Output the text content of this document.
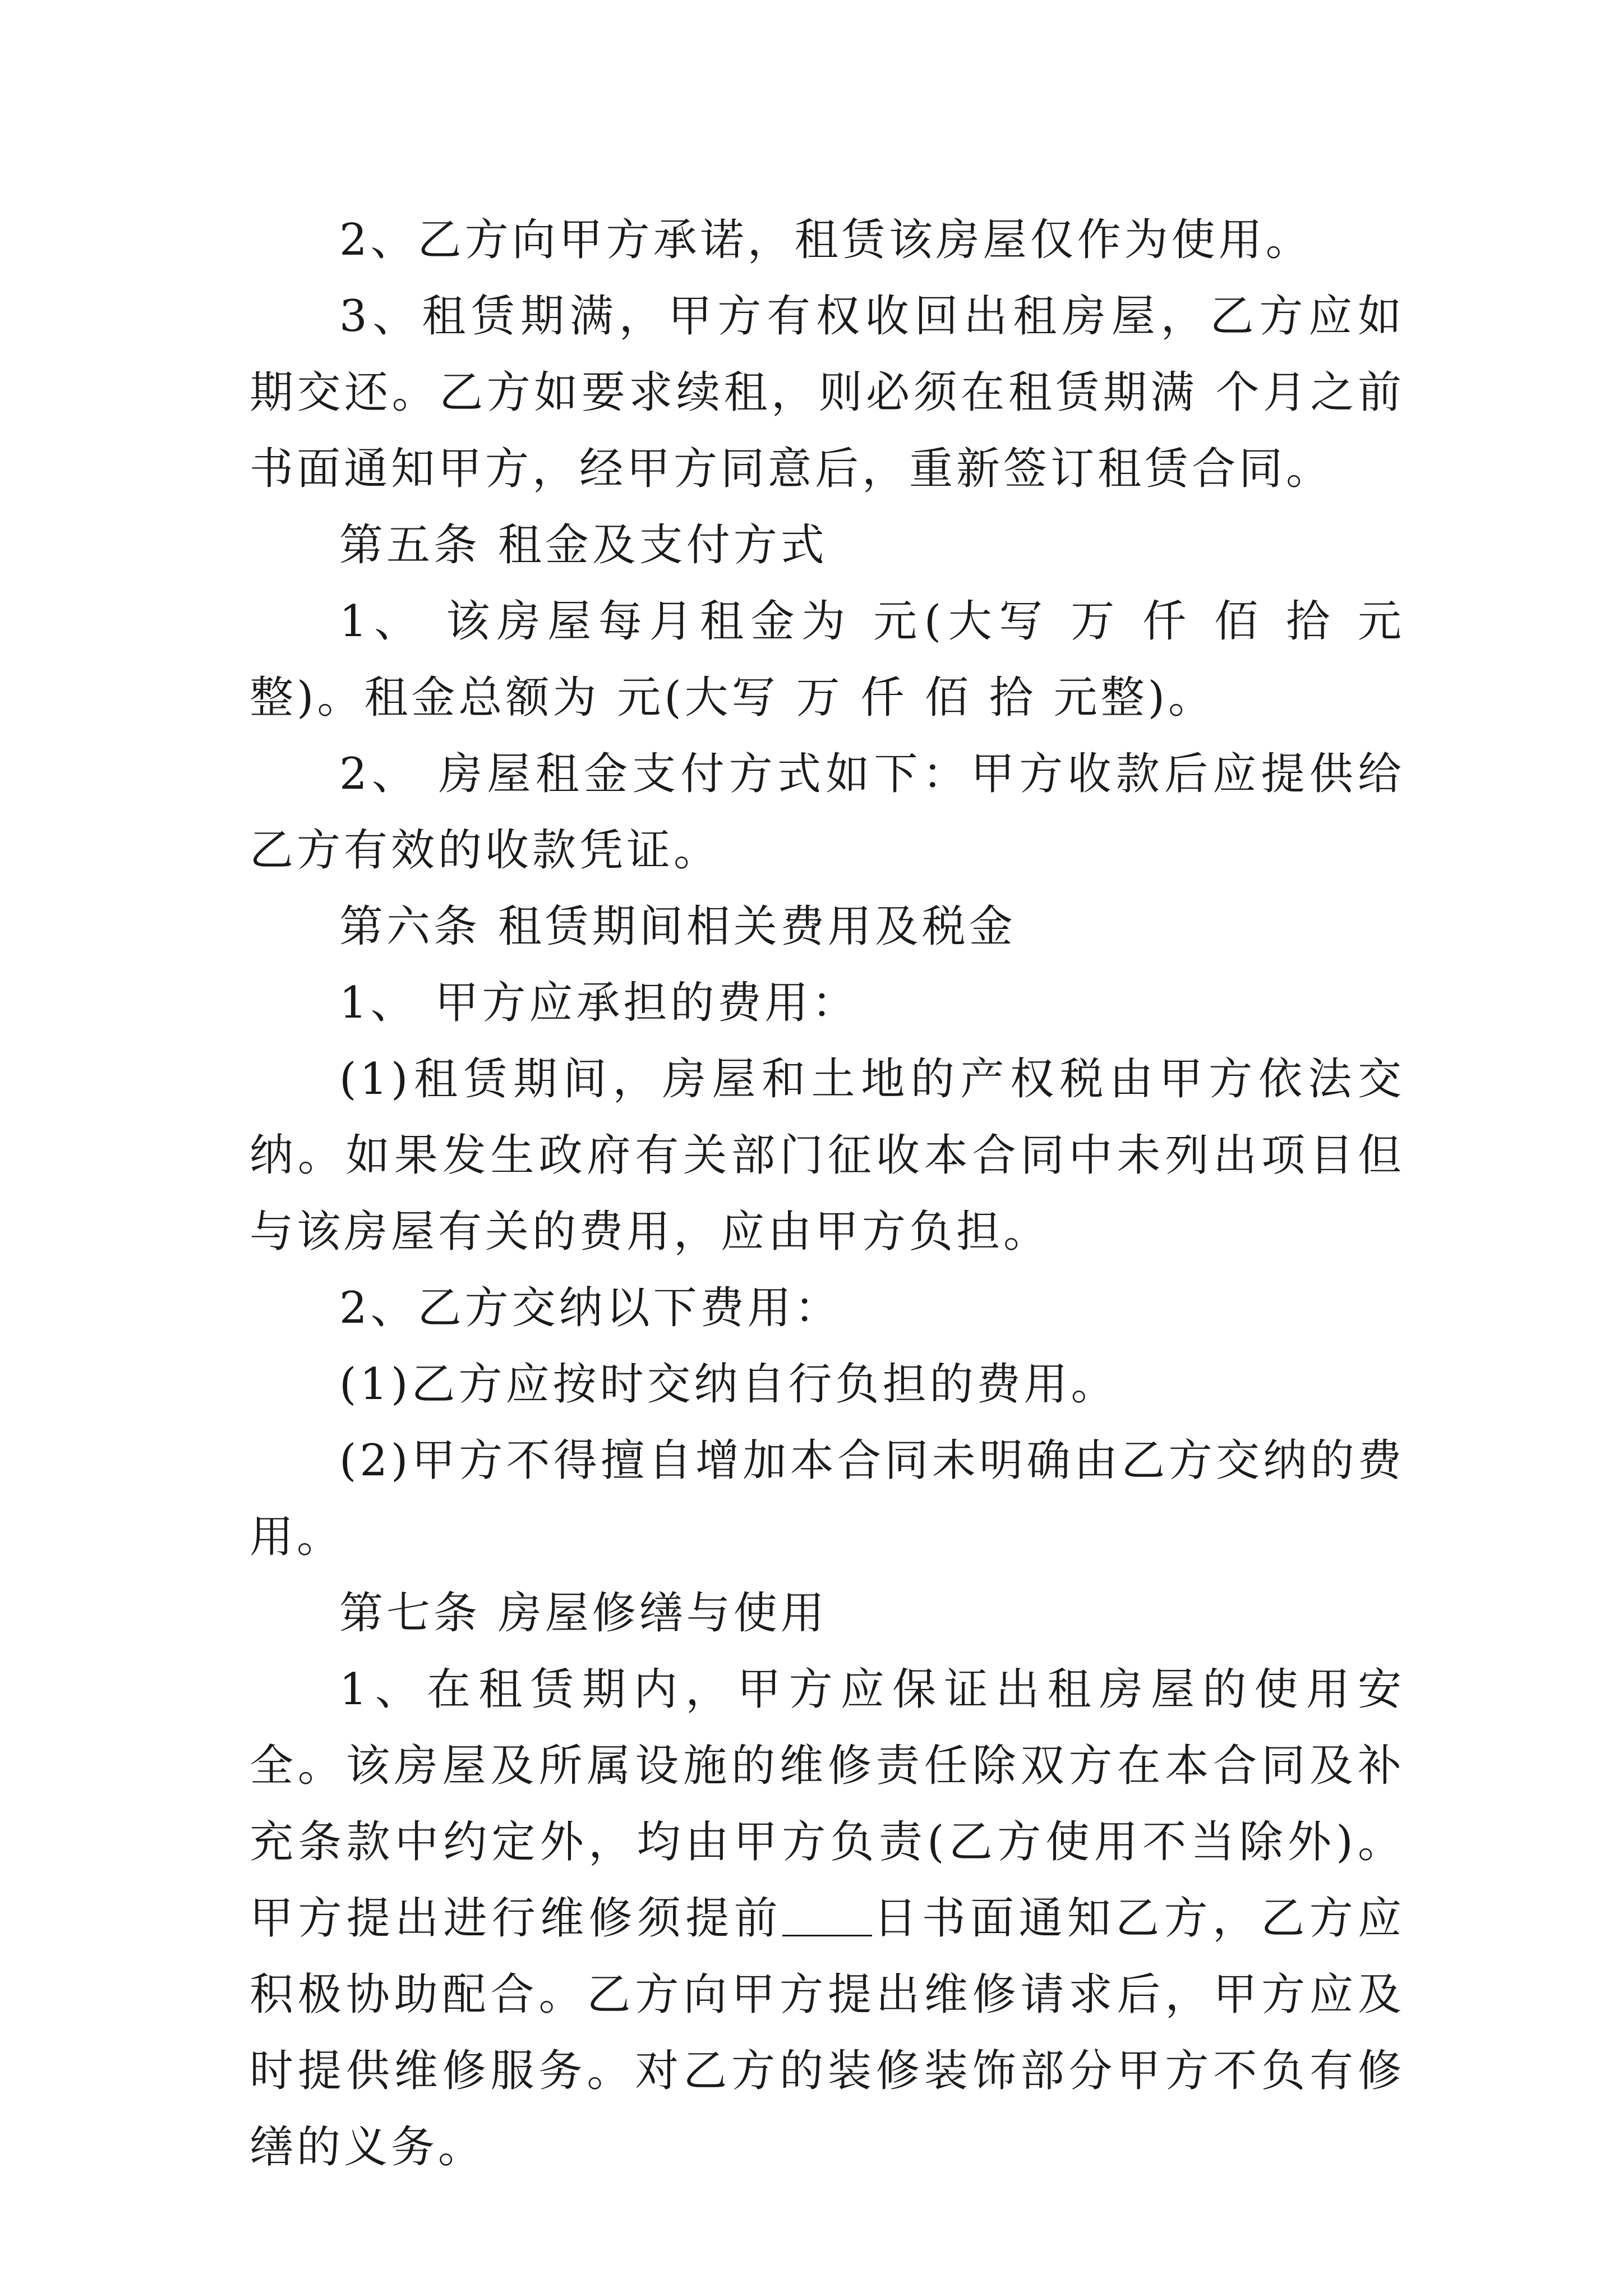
2、乙方向甲方承诺，租赁该房屋仅作为使用。

3、租赁期满，甲方有权收回出租房屋，乙方应如期交还。乙方如要求续租，则必须在租赁期满 个月之前书面通知甲方，经甲方同意后，重新签订租赁合同。

第五条 租金及支付方式

1、 该房屋每月租金为 元(大写 万 仟 佰 拾 元整)。租金总额为 元(大写 万 仟 佰 拾 元整)。

2、 房屋租金支付方式如下：甲方收款后应提供给乙方有效的收款凭证。

第六条 租赁期间相关费用及税金

1、 甲方应承担的费用：

(1)租赁期间，房屋和土地的产权税由甲方依法交纳。如果发生政府有关部门征收本合同中未列出项目但与该房屋有关的费用，应由甲方负担。

2、乙方交纳以下费用：

(1)乙方应按时交纳自行负担的费用。

(2)甲方不得擅自增加本合同未明确由乙方交纳的费用。

第七条 房屋修缮与使用

1、在租赁期内，甲方应保证出租房屋的使用安全。该房屋及所属设施的维修责任除双方在本合同及补充条款中约定外，均由甲方负责(乙方使用不当除外)。甲方提出进行维修须提前 日书面通知乙方，乙方应积极协助配合。乙方向甲方提出维修请求后，甲方应及时提供维修服务。对乙方的装修装饰部分甲方不负有修缮的义务。
